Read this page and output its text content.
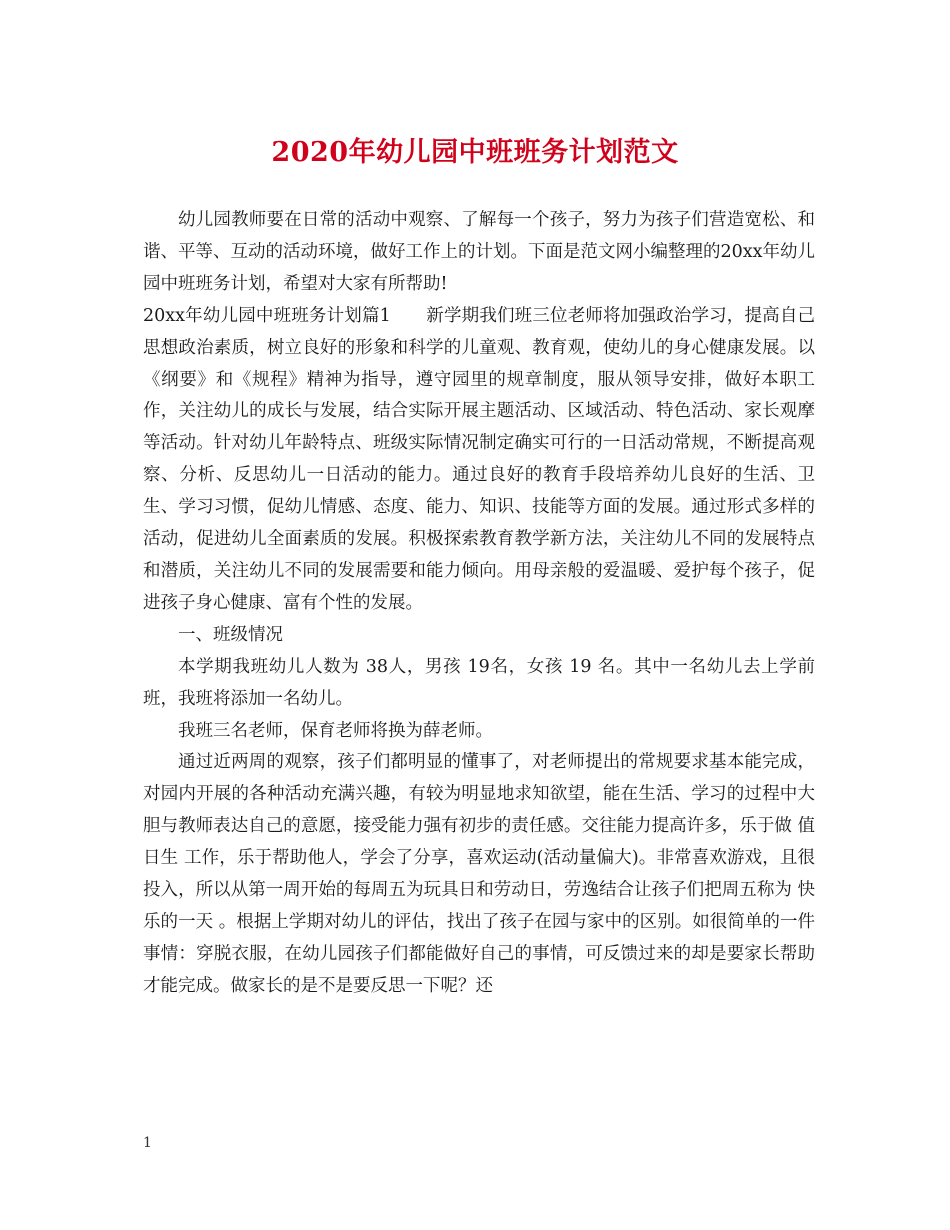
2020年幼儿园中班班务计划范文

幼儿园教师要在日常的活动中观察、了解每一个孩子，努力为孩子们营造宽松、和谐、平等、互动的活动环境，做好工作上的计划。下面是范文网小编整理的20xx年幼儿园中班班务计划，希望对大家有所帮助!

20xx年幼儿园中班班务计划篇1　　新学期我们班三位老师将加强政治学习，提高自己思想政治素质，树立良好的形象和科学的儿童观、教育观，使幼儿的身心健康发展。以《纲要》和《规程》精神为指导，遵守园里的规章制度，服从领导安排，做好本职工作，关注幼儿的成长与发展，结合实际开展主题活动、区域活动、特色活动、家长观摩等活动。针对幼儿年龄特点、班级实际情况制定确实可行的一日活动常规，不断提高观察、分析、反思幼儿一日活动的能力。通过良好的教育手段培养幼儿良好的生活、卫生、学习习惯，促幼儿情感、态度、能力、知识、技能等方面的发展。通过形式多样的活动，促进幼儿全面素质的发展。积极探索教育教学新方法，关注幼儿不同的发展特点和潜质，关注幼儿不同的发展需要和能力倾向。用母亲般的爱温暖、爱护每个孩子，促进孩子身心健康、富有个性的发展。

一、班级情况

本学期我班幼儿人数为 38人，男孩 19名，女孩 19 名。其中一名幼儿去上学前班，我班将添加一名幼儿。

我班三名老师，保育老师将换为薛老师。

通过近两周的观察，孩子们都明显的懂事了，对老师提出的常规要求基本能完成，对园内开展的各种活动充满兴趣，有较为明显地求知欲望，能在生活、学习的过程中大胆与教师表达自己的意愿，接受能力强有初步的责任感。交往能力提高许多，乐于做 值日生 工作，乐于帮助他人，学会了分享，喜欢运动(活动量偏大)。非常喜欢游戏，且很投入，所以从第一周开始的每周五为玩具日和劳动日，劳逸结合让孩子们把周五称为 快乐的一天 。根据上学期对幼儿的评估，找出了孩子在园与家中的区别。如很简单的一件事情：穿脱衣服，在幼儿园孩子们都能做好自己的事情，可反馈过来的却是要家长帮助才能完成。做家长的是不是要反思一下呢？还

1
